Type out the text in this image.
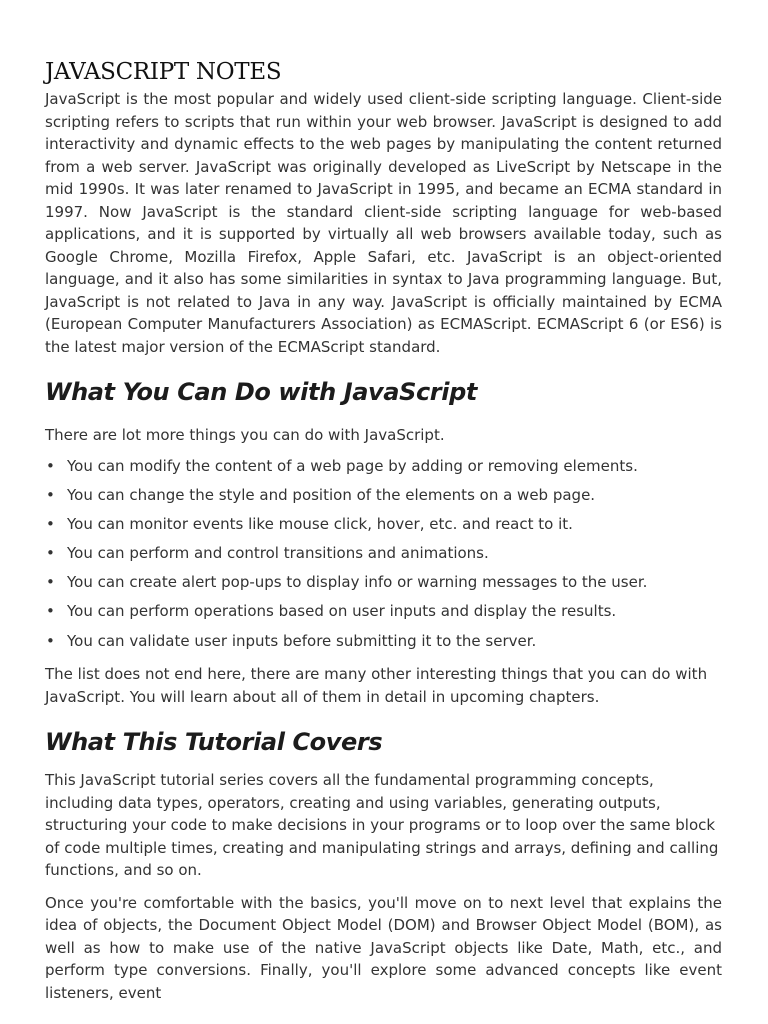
JAVASCRIPT NOTES

JavaScript is the most popular and widely used client-side scripting language. Client-side scripting refers to scripts that run within your web browser. JavaScript is designed to add interactivity and dynamic effects to the web pages by manipulating the content returned from a web server. JavaScript was originally developed as LiveScript by Netscape in the mid 1990s. It was later renamed to JavaScript in 1995, and became an ECMA standard in 1997. Now JavaScript is the standard client-side scripting language for web-based applications, and it is supported by virtually all web browsers available today, such as Google Chrome, Mozilla Firefox, Apple Safari, etc. JavaScript is an object-oriented language, and it also has some similarities in syntax to Java programming language. But, JavaScript is not related to Java in any way. JavaScript is officially maintained by ECMA (European Computer Manufacturers Association) as ECMAScript. ECMAScript 6 (or ES6) is the latest major version of the ECMAScript standard.

What You Can Do with JavaScript

There are lot more things you can do with JavaScript.

• You can modify the content of a web page by adding or removing elements.
• You can change the style and position of the elements on a web page.
• You can monitor events like mouse click, hover, etc. and react to it.
• You can perform and control transitions and animations.
• You can create alert pop-ups to display info or warning messages to the user.
• You can perform operations based on user inputs and display the results.
• You can validate user inputs before submitting it to the server.

The list does not end here, there are many other interesting things that you can do with JavaScript. You will learn about all of them in detail in upcoming chapters.

What This Tutorial Covers

This JavaScript tutorial series covers all the fundamental programming concepts, including data types, operators, creating and using variables, generating outputs, structuring your code to make decisions in your programs or to loop over the same block of code multiple times, creating and manipulating strings and arrays, defining and calling functions, and so on.

Once you're comfortable with the basics, you'll move on to next level that explains the idea of objects, the Document Object Model (DOM) and Browser Object Model (BOM), as well as how to make use of the native JavaScript objects like Date, Math, etc., and perform type conversions. Finally, you'll explore some advanced concepts like event listeners, event
